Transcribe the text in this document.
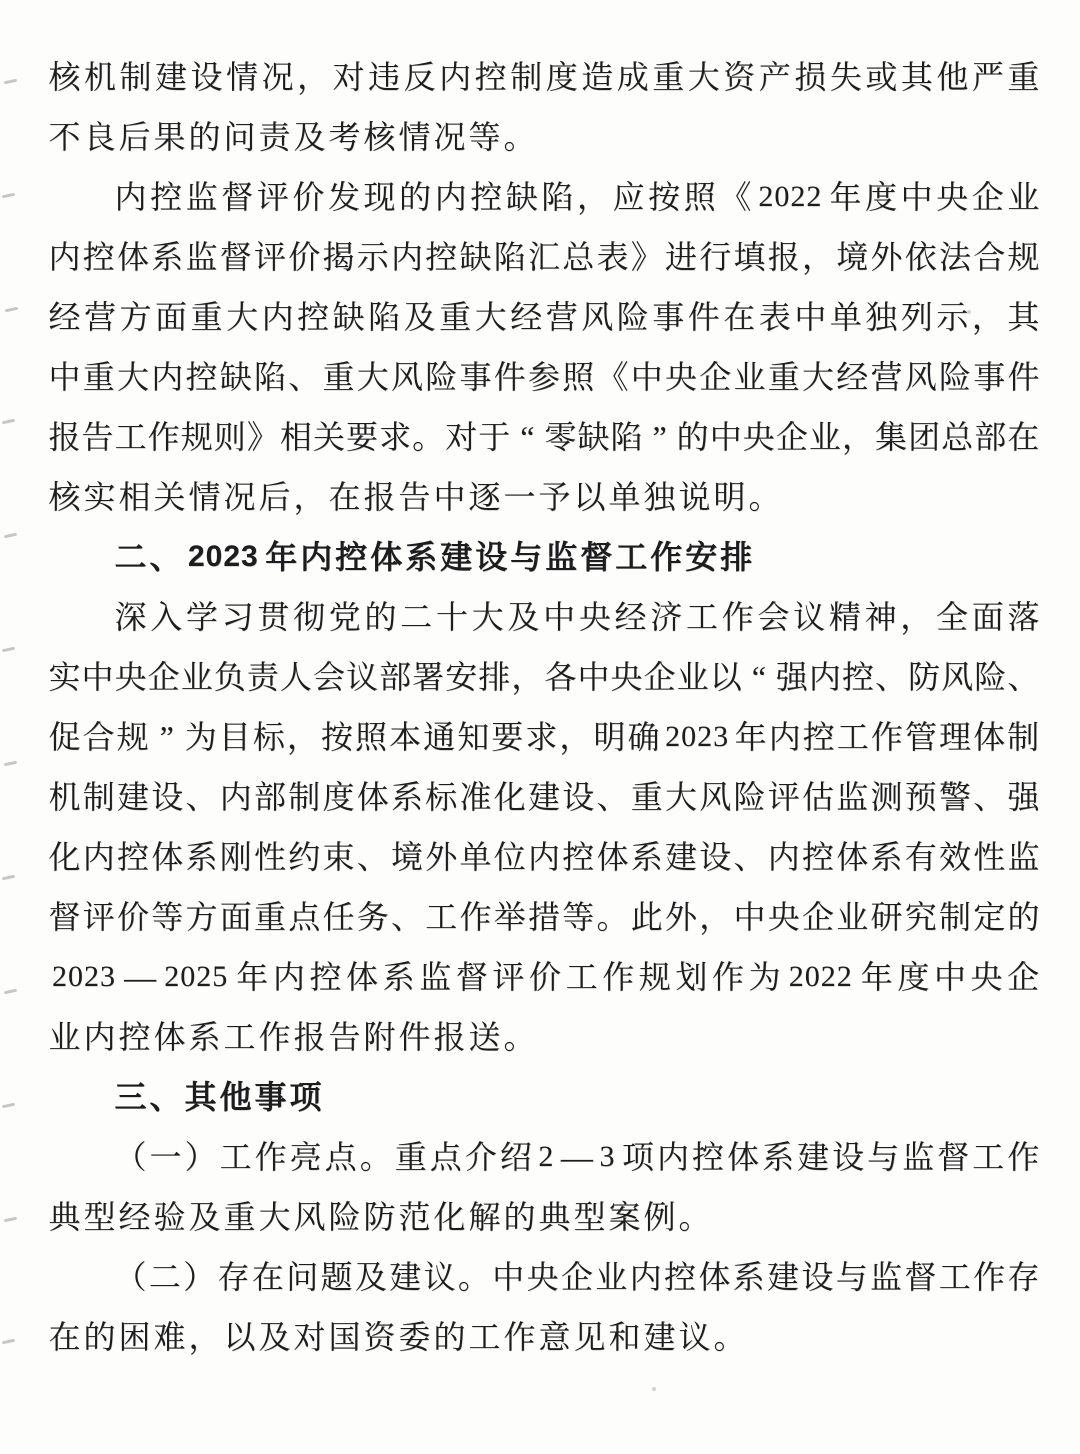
核 机 制 建 设 情 况 ， 对 违 反 内 控 制 度 造 成 重 大 资 产 损 失 或 其 他 严 重
不 良 后 果 的 问 责 及 考 核 情 况 等 。
内 控 监 督 评 价 发 现 的 内 控 缺 陷 ， 应 按 照 《 2022 年 度 中 央 企 业
内 控 体 系 监 督 评 价 揭 示 内 控 缺 陷 汇 总 表 》 进 行 填 报 ， 境 外 依 法 合 规
经 营 方 面 重 大 内 控 缺 陷 及 重 大 经 营 风 险 事 件 在 表 中 单 独 列 示 ， 其
中 重 大 内 控 缺 陷 、 重 大 风 险 事 件 参 照 《 中 央 企 业 重 大 经 营 风 险 事 件
报 告 工 作 规 则 》 相 关 要 求 。 对 于 “ 零 缺 陷 ” 的 中 央 企 业 ， 集 团 总 部 在
核 实 相 关 情 况 后 ， 在 报 告 中 逐 一 予 以 单 独 说 明 。
二 、 2023 年 内 控 体 系 建 设 与 监 督 工 作 安 排
深 入 学 习 贯 彻 党 的 二 十 大 及 中 央 经 济 工 作 会 议 精 神 ， 全 面 落
实 中 央 企 业 负 责 人 会 议 部 署 安 排 ， 各 中 央 企 业 以 “ 强 内 控 、 防 风 险 、
促 合 规 ” 为 目 标 ， 按 照 本 通 知 要 求 ， 明 确 2023 年 内 控 工 作 管 理 体 制
机 制 建 设 、 内 部 制 度 体 系 标 准 化 建 设 、 重 大 风 险 评 估 监 测 预 警 、 强
化 内 控 体 系 刚 性 约 束 、 境 外 单 位 内 控 体 系 建 设 、 内 控 体 系 有 效 性 监
督 评 价 等 方 面 重 点 任 务 、 工 作 举 措 等 。 此 外 ， 中 央 企 业 研 究 制 定 的
2023 — 2025 年 内 控 体 系 监 督 评 价 工 作 规 划 作 为 2022 年 度 中 央 企
业 内 控 体 系 工 作 报 告 附 件 报 送 。
三 、 其 他 事 项
（ 一 ） 工 作 亮 点 。 重 点 介 绍 2 — 3 项 内 控 体 系 建 设 与 监 督 工 作
典 型 经 验 及 重 大 风 险 防 范 化 解 的 典 型 案 例 。
（ 二 ） 存 在 问 题 及 建 议 。 中 央 企 业 内 控 体 系 建 设 与 监 督 工 作 存
在 的 困 难 ， 以 及 对 国 资 委 的 工 作 意 见 和 建 议 。
